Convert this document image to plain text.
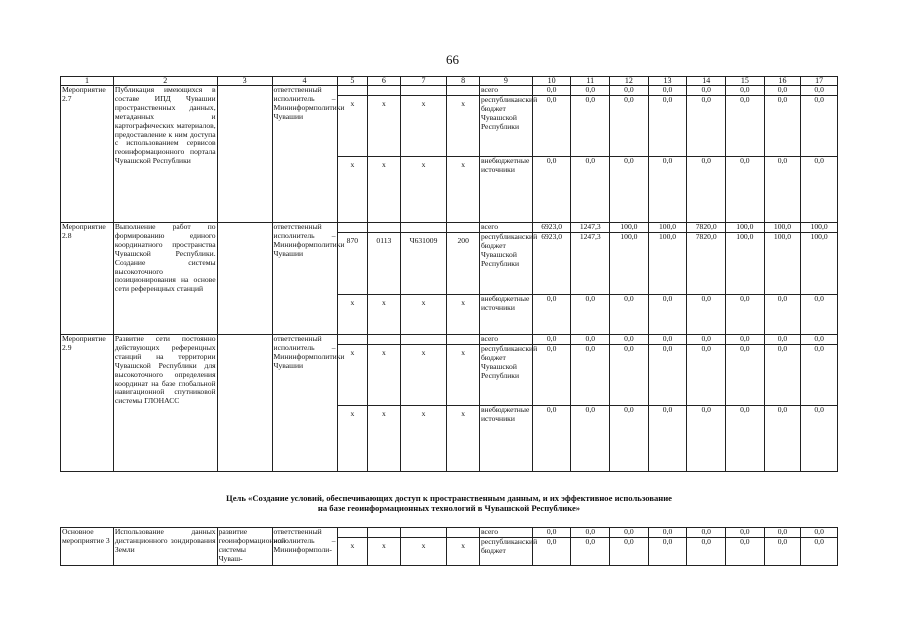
66
1	2	3	4	5	6	7	8	9	10	11	12	13	14	15	16	17
Мероприятие 2.7	Публикация имеющихся в составе ИПД Чувашии пространственных данных, метаданных и картографических материалов, предоставление к ним доступа с использованием сервисов геоинформационного портала Чувашской Республики		ответственный исполнитель – Мининформполитики Чувашии					всего	0,0	0,0	0,0	0,0	0,0	0,0	0,0	0,0
				x	x	x	x	республиканский бюджет Чувашской Республики	0,0	0,0	0,0	0,0	0,0	0,0	0,0	0,0
				x	x	x	x	внебюджетные источники	0,0	0,0	0,0	0,0	0,0	0,0	0,0	0,0
Мероприятие 2.8	Выполнение работ по формированию единого координатного пространства Чувашской Республики. Создание системы высокоточного позиционирования на основе сети референцных станций		ответственный исполнитель – Мининформполитики Чувашии					всего	6923,0	1247,3	100,0	100,0	7820,0	100,0	100,0	100,0
				870	0113	Ч631009	200	республиканский бюджет Чувашской Республики	6923,0	1247,3	100,0	100,0	7820,0	100,0	100,0	100,0
				x	x	x	x	внебюджетные источники	0,0	0,0	0,0	0,0	0,0	0,0	0,0	0,0
Мероприятие 2.9	Развитие сети постоянно действующих референцных станций на территории Чувашской Республики для высокоточного определения координат на базе глобальной навигационной спутниковой системы ГЛОНАСС		ответственный исполнитель – Мининформполитики Чувашии					всего	0,0	0,0	0,0	0,0	0,0	0,0	0,0	0,0
				x	x	x	x	республиканский бюджет Чувашской Республики	0,0	0,0	0,0	0,0	0,0	0,0	0,0	0,0
				x	x	x	x	внебюджетные источники	0,0	0,0	0,0	0,0	0,0	0,0	0,0	0,0
Цель «Создание условий, обеспечивающих доступ к пространственным данным, и их эффективное использование
на базе геоинформационных технологий в Чувашской Республике»
Основное мероприятие 3	Использование данных дистанционного зондирования Земли	развитие геоинформационной системы Чуваш-	ответственный исполнитель – Мининформполи-					всего	0,0	0,0	0,0	0,0	0,0	0,0	0,0	0,0
				x	x	x	x	республиканский бюджет	0,0	0,0	0,0	0,0	0,0	0,0	0,0	0,0
